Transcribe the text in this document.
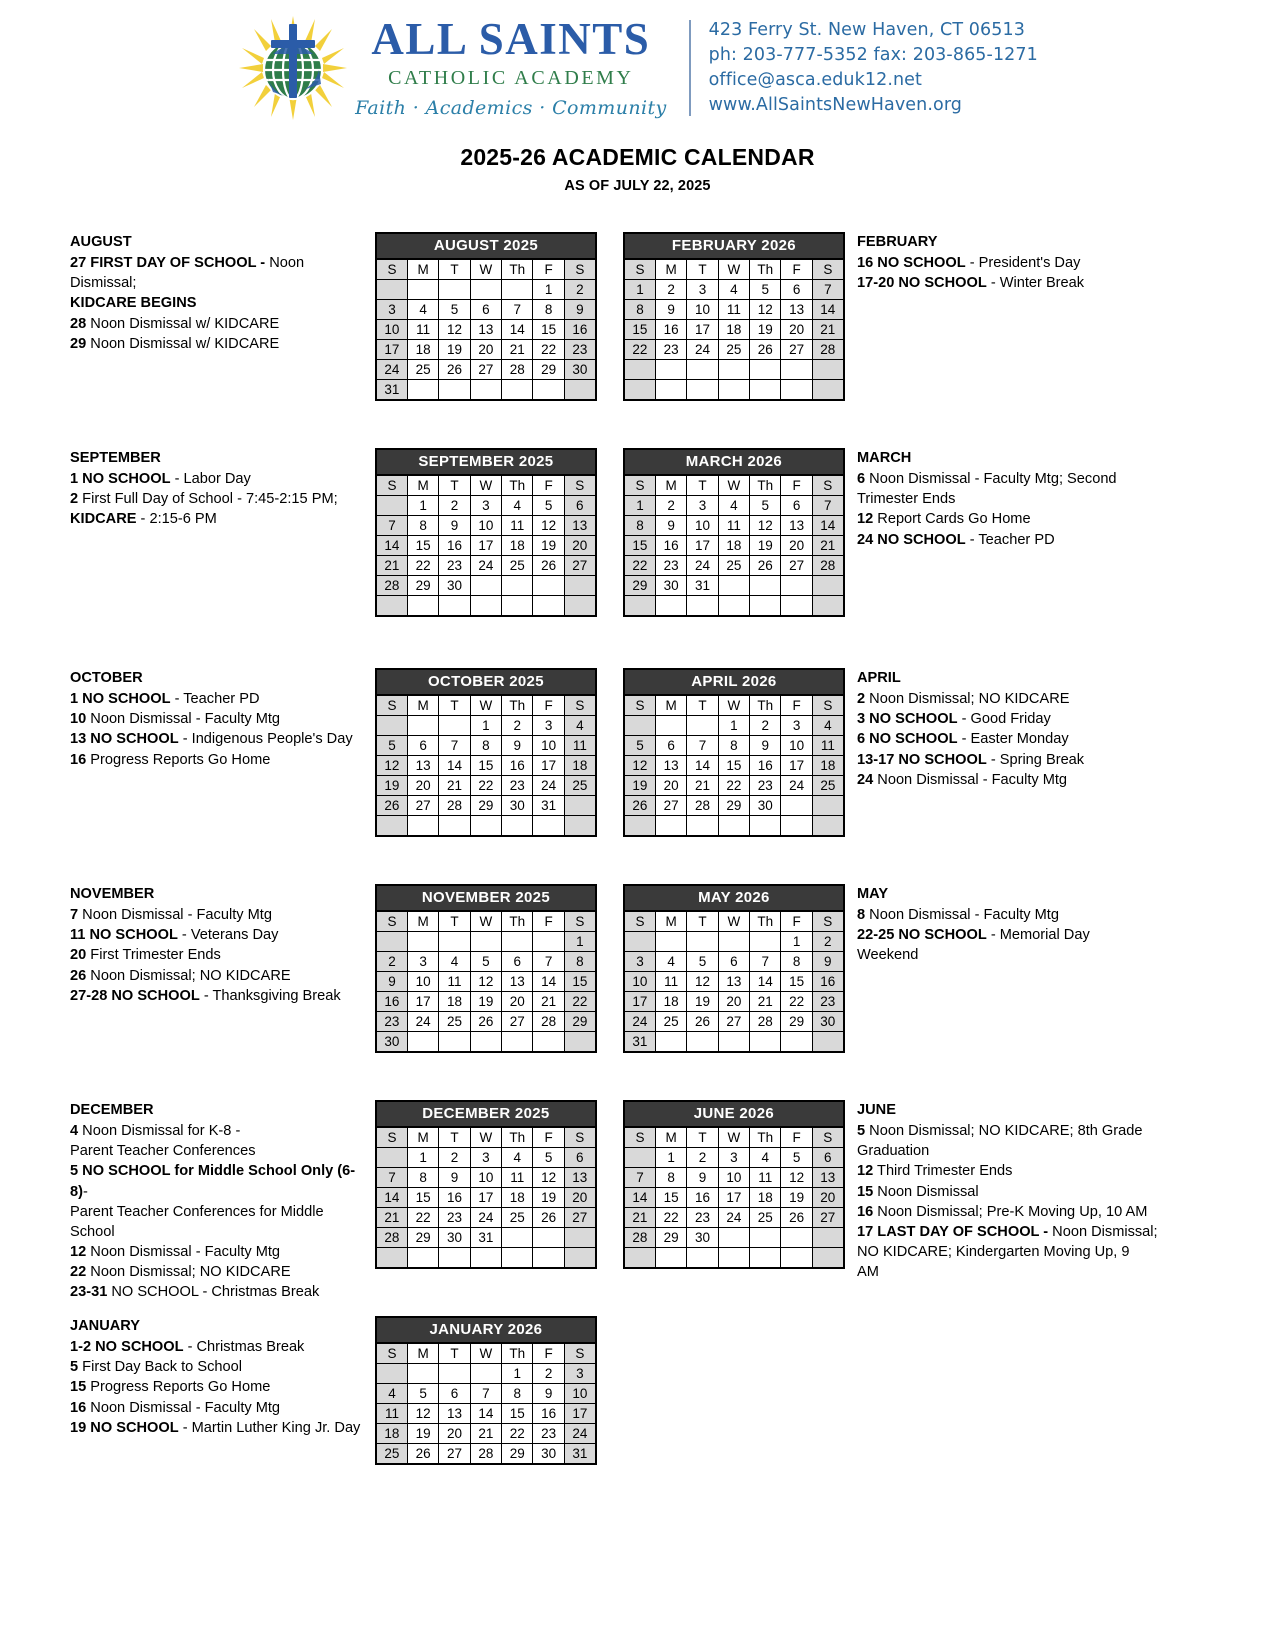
ALL SAINTS
CATHOLIC ACADEMY
Faith · Academics · Community
423 Ferry St. New Haven, CT 06513
ph: 203-777-5352 fax: 203-865-1271
office@asca.eduk12.net
www.AllSaintsNewHaven.org
2025-26 ACADEMIC CALENDAR
AS OF JULY 22, 2025
AUGUST
27 FIRST DAY OF SCHOOL - Noon Dismissal;
KIDCARE BEGINS
28 Noon Dismissal w/ KIDCARE
29 Noon Dismissal w/ KIDCARE
AUGUST 2025						
S	M	T	W	Th	F	S
					1	2
3	4	5	6	7	8	9
10	11	12	13	14	15	16
17	18	19	20	21	22	23
24	25	26	27	28	29	30
31						
FEBRUARY 2026						
S	M	T	W	Th	F	S
1	2	3	4	5	6	7
8	9	10	11	12	13	14
15	16	17	18	19	20	21
22	23	24	25	26	27	28

FEBRUARY
16 NO SCHOOL - President's Day
17-20 NO SCHOOL - Winter Break
SEPTEMBER
1 NO SCHOOL - Labor Day
2 First Full Day of School - 7:45-2:15 PM;
KIDCARE - 2:15-6 PM
SEPTEMBER 2025						
S	M	T	W	Th	F	S
	1	2	3	4	5	6
7	8	9	10	11	12	13
14	15	16	17	18	19	20
21	22	23	24	25	26	27
28	29	30				

MARCH 2026						
S	M	T	W	Th	F	S
1	2	3	4	5	6	7
8	9	10	11	12	13	14
15	16	17	18	19	20	21
22	23	24	25	26	27	28
29	30	31				

MARCH
6 Noon Dismissal - Faculty Mtg; Second
Trimester Ends
12 Report Cards Go Home
24 NO SCHOOL - Teacher PD
OCTOBER
1 NO SCHOOL - Teacher PD
10 Noon Dismissal - Faculty Mtg
13 NO SCHOOL - Indigenous People's Day
16 Progress Reports Go Home
OCTOBER 2025						
S	M	T	W	Th	F	S
			1	2	3	4
5	6	7	8	9	10	11
12	13	14	15	16	17	18
19	20	21	22	23	24	25
26	27	28	29	30	31	

APRIL 2026						
S	M	T	W	Th	F	S
			1	2	3	4
5	6	7	8	9	10	11
12	13	14	15	16	17	18
19	20	21	22	23	24	25
26	27	28	29	30		

APRIL
2 Noon Dismissal; NO KIDCARE
3 NO SCHOOL - Good Friday
6 NO SCHOOL - Easter Monday
13-17 NO SCHOOL - Spring Break
24 Noon Dismissal - Faculty Mtg
NOVEMBER
7 Noon Dismissal - Faculty Mtg
11 NO SCHOOL - Veterans Day
20 First Trimester Ends
26 Noon Dismissal; NO KIDCARE
27-28 NO SCHOOL - Thanksgiving Break
NOVEMBER 2025						
S	M	T	W	Th	F	S
						1
2	3	4	5	6	7	8
9	10	11	12	13	14	15
16	17	18	19	20	21	22
23	24	25	26	27	28	29
30						
MAY 2026						
S	M	T	W	Th	F	S
					1	2
3	4	5	6	7	8	9
10	11	12	13	14	15	16
17	18	19	20	21	22	23
24	25	26	27	28	29	30
31						
MAY
8 Noon Dismissal - Faculty Mtg
22-25 NO SCHOOL - Memorial Day
Weekend
DECEMBER
4 Noon Dismissal for K-8 -
Parent Teacher Conferences
5 NO SCHOOL for Middle School Only (6-8)-
Parent Teacher Conferences for Middle
School
12 Noon Dismissal - Faculty Mtg
22 Noon Dismissal; NO KIDCARE
23-31 NO SCHOOL - Christmas Break
DECEMBER 2025						
S	M	T	W	Th	F	S
	1	2	3	4	5	6
7	8	9	10	11	12	13
14	15	16	17	18	19	20
21	22	23	24	25	26	27
28	29	30	31			

JUNE 2026						
S	M	T	W	Th	F	S
	1	2	3	4	5	6
7	8	9	10	11	12	13
14	15	16	17	18	19	20
21	22	23	24	25	26	27
28	29	30				

JUNE
5 Noon Dismissal; NO KIDCARE; 8th Grade
Graduation
12 Third Trimester Ends
15 Noon Dismissal
16 Noon Dismissal; Pre-K Moving Up, 10 AM
17 LAST DAY OF SCHOOL - Noon Dismissal;
NO KIDCARE; Kindergarten Moving Up, 9
AM
JANUARY
1-2 NO SCHOOL - Christmas Break
5 First Day Back to School
15 Progress Reports Go Home
16 Noon Dismissal - Faculty Mtg
19 NO SCHOOL - Martin Luther King Jr. Day
JANUARY 2026						
S	M	T	W	Th	F	S
				1	2	3
4	5	6	7	8	9	10
11	12	13	14	15	16	17
18	19	20	21	22	23	24
25	26	27	28	29	30	31
